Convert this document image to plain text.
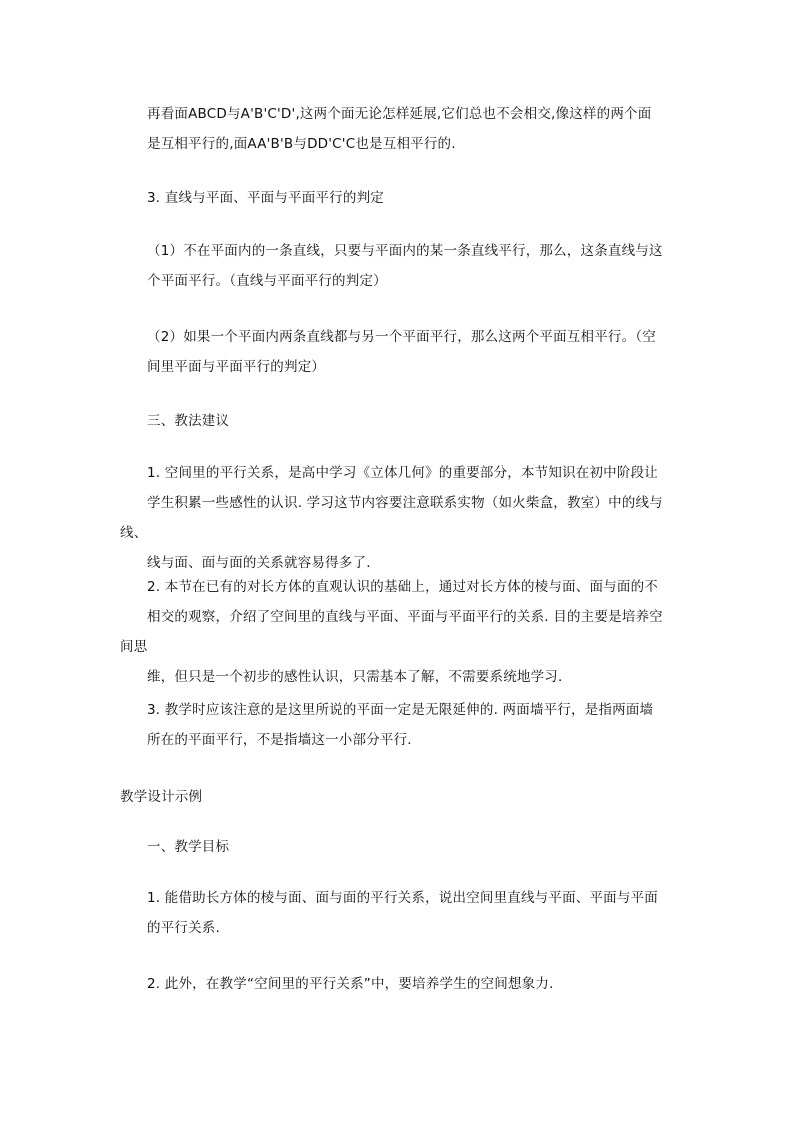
再看面ABCD与A'B'C'D',这两个面无论怎样延展,它们总也不会相交,像这样的两个面
是互相平行的,面AA'B'B与DD'C'C也是互相平行的.

3. 直线与平面、平面与平面平行的判定

（1）不在平面内的一条直线，只要与平面内的某一条直线平行，那么，这条直线与这
个平面平行。（直线与平面平行的判定）

（2）如果一个平面内两条直线都与另一个平面平行，那么这两个平面互相平行。（空
间里平面与平面平行的判定）

三、教法建议

1. 空间里的平行关系，是高中学习《立体几何》的重要部分，本节知识在初中阶段让
学生积累一些感性的认识. 学习这节内容要注意联系实物（如火柴盒，教室）中的线与线、
线与面、面与面的关系就容易得多了.

2. 本节在已有的对长方体的直观认识的基础上，通过对长方体的棱与面、面与面的不
相交的观察，介绍了空间里的直线与平面、平面与平面平行的关系. 目的主要是培养空间思
维，但只是一个初步的感性认识，只需基本了解，不需要系统地学习.

3. 教学时应该注意的是这里所说的平面一定是无限延伸的. 两面墙平行，是指两面墙
所在的平面平行，不是指墙这一小部分平行.

教学设计示例

一、教学目标

1. 能借助长方体的棱与面、面与面的平行关系，说出空间里直线与平面、平面与平面
的平行关系.

2. 此外，在教学“空间里的平行关系”中，要培养学生的空间想象力.
